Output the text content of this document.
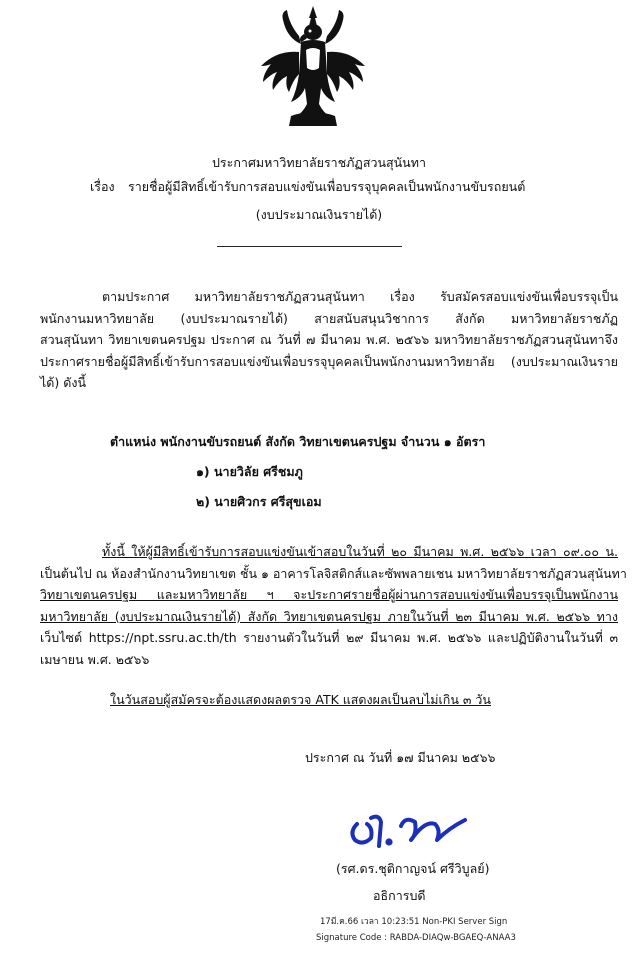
ประกาศมหาวิทยาลัยราชภัฏสวนสุนันทา
เรื่อง รายชื่อผู้มีสิทธิ์เข้ารับการสอบแข่งขันเพื่อบรรจุบุคคลเป็นพนักงานขับรถยนต์
(งบประมาณเงินรายได้)
ตามประกาศ มหาวิทยาลัยราชภัฏสวนสุนันทา เรื่อง รับสมัครสอบแข่งขันเพื่อบรรจุเป็น
พนักงานมหาวิทยาลัย (งบประมาณรายได้) สายสนับสนุนวิชาการ สังกัด มหาวิทยาลัยราชภัฏ
สวนสุนันทา วิทยาเขตนครปฐม ประกาศ ณ วันที่ ๗ มีนาคม พ.ศ. ๒๕๖๖ มหาวิทยาลัยราชภัฏสวนสุนันทาจึง
ประกาศรายชื่อผู้มีสิทธิ์เข้ารับการสอบแข่งขันเพื่อบรรจุบุคคลเป็นพนักงานมหาวิทยาลัย (งบประมาณเงินราย
ได้) ดังนี้
ตำแหน่ง พนักงานขับรถยนต์ สังกัด วิทยาเขตนครปฐม จำนวน ๑ อัตรา
๑) นายวิลัย ศรีชมภู
๒) นายศิวกร ศรีสุขเอม
ทั้งนี้ ให้ผู้มีสิทธิ์เข้ารับการสอบแข่งขันเข้าสอบในวันที่ ๒๐ มีนาคม พ.ศ. ๒๕๖๖ เวลา ๐๙.๐๐ น.
เป็นต้นไป ณ ห้องสำนักงานวิทยาเขต ชั้น ๑ อาคารโลจิสติกส์และซัพพลายเชน มหาวิทยาลัยราชภัฏสวนสุนันทา
วิทยาเขตนครปฐม และมหาวิทยาลัย ฯ จะประกาศรายชื่อผู้ผ่านการสอบแข่งขันเพื่อบรรจุเป็นพนักงาน
มหาวิทยาลัย (งบประมาณเงินรายได้) สังกัด วิทยาเขตนครปฐม ภายในวันที่ ๒๓ มีนาคม พ.ศ. ๒๕๖๖ ทาง
เว็บไซต์ https://npt.ssru.ac.th/th รายงานตัวในวันที่ ๒๙ มีนาคม พ.ศ. ๒๕๖๖ และปฏิบัติงานในวันที่ ๓
เมษายน พ.ศ. ๒๕๖๖
ในวันสอบผู้สมัครจะต้องแสดงผลตรวจ ATK แสดงผลเป็นลบไม่เกิน ๓ วัน
ประกาศ ณ วันที่ ๑๗ มีนาคม ๒๕๖๖
(รศ.ดร.ชุติกาญจน์ ศรีวิบูลย์)
อธิการบดี
17มี.ค.66 เวลา 10:23:51 Non-PKI Server Sign
Signature Code : RABDA-DIAQw-BGAEQ-ANAA3
